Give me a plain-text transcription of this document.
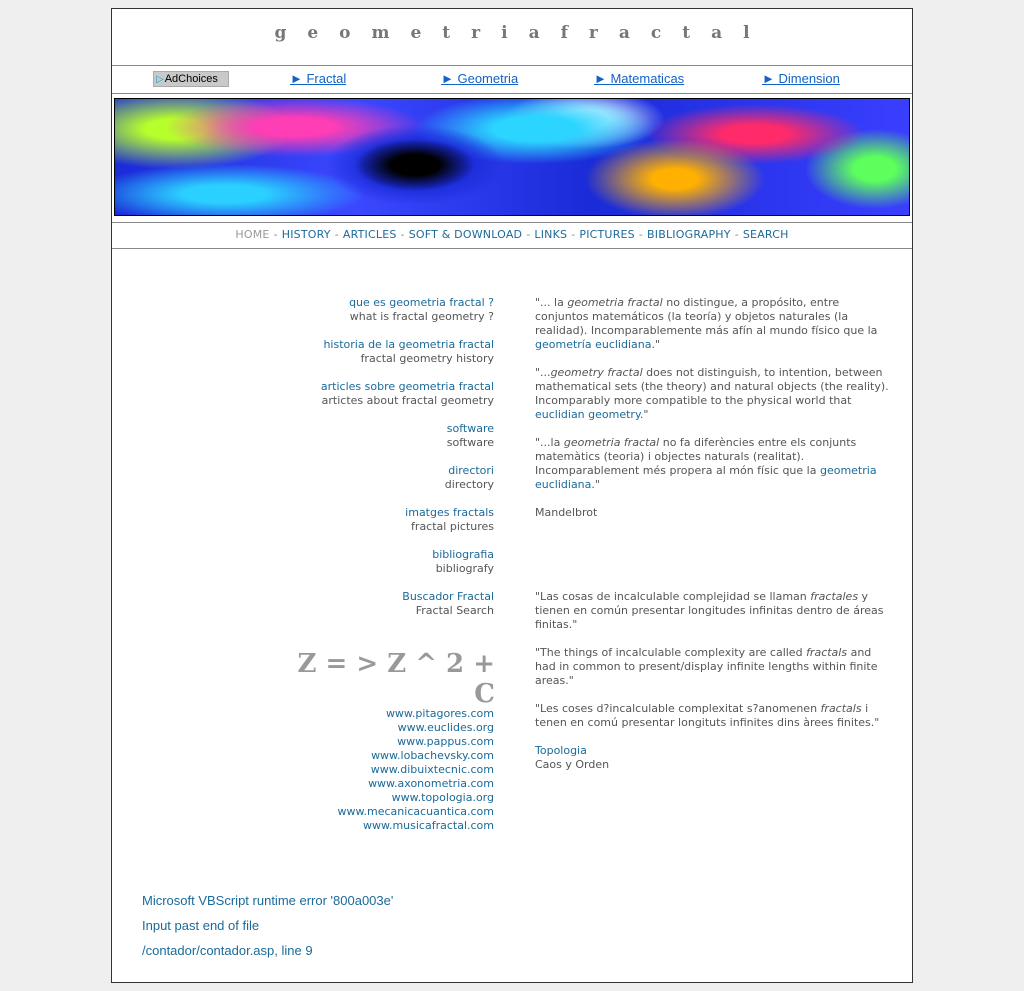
geometriafractal
▷AdChoices	► Fractal	► Geometria	► Matematicas	► Dimension
HOME - HISTORY - ARTICLES - SOFT & DOWNLOAD - LINKS - PICTURES - BIBLIOGRAPHY - SEARCH
que es geometria fractal ?
what is fractal geometry ?
historia de la geometria fractal
fractal geometry history
articles sobre geometria fractal
artictes about fractal geometry
software
software
directori
directory
imatges fractals
fractal pictures
bibliografia
bibliografy
Buscador Fractal
Fractal Search
Z = > Z ^ 2 + C
www.pitagores.com
www.euclides.org
www.pappus.com
www.lobachevsky.com
www.dibuixtecnic.com
www.axonometria.com
www.topologia.org
www.mecanicacuantica.com
www.musicafractal.com

"... la geometria fractal no distingue, a propósito, entre conjuntos matemáticos (la teoría) y objetos naturales (la realidad). Incomparablemente más afín al mundo físico que la geometría euclidiana."

"...geometry fractal does not distinguish, to intention, between mathematical sets (the theory) and natural objects (the reality). Incomparably more compatible to the physical world that euclidian geometry."

"...la geometria fractal no fa diferències entre els conjunts matemàtics (teoria) i objectes naturals (realitat). Incomparablement més propera al món físic que la geometria euclidiana."

Mandelbrot

"Las cosas de incalculable complejidad se llaman fractales y tienen en común presentar longitudes infinitas dentro de áreas finitas."

"The things of incalculable complexity are called fractals and had in common to present/display infinite lengths within finite areas."

"Les coses d?incalculable complexitat s?anomenen fractals i tenen en comú presentar longituts infinites dins àrees finites."

Topologia
Caos y Orden
Microsoft VBScript runtime error '800a003e'
Input past end of file
/contador/contador.asp, line 9
